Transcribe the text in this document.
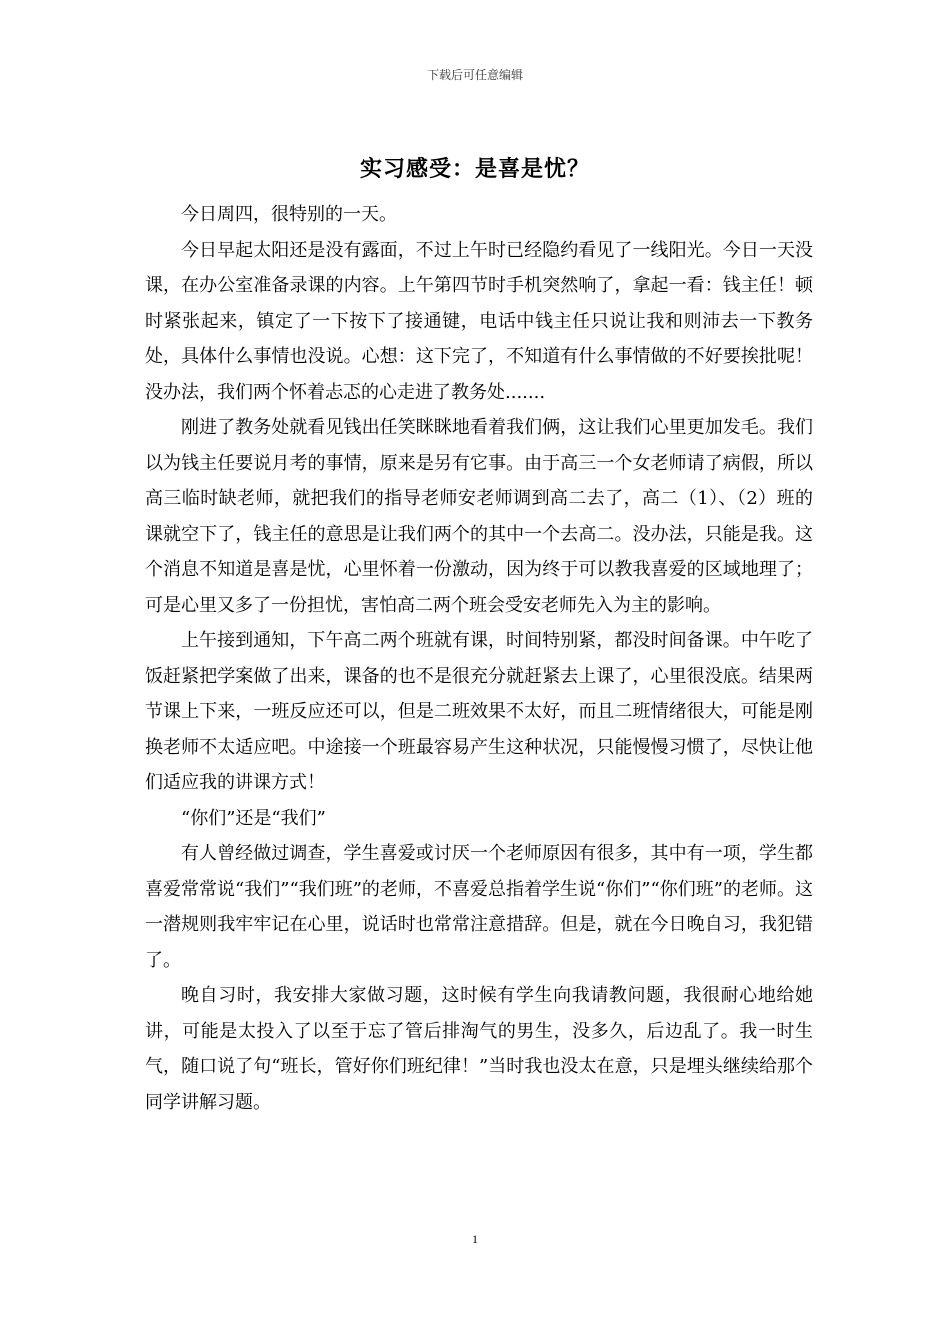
下载后可任意编辑
实习感受：是喜是忧？

今日周四，很特别的一天。

今日早起太阳还是没有露面，不过上午时已经隐约看见了一线阳光。今日一天没课，在办公室准备录课的内容。上午第四节时手机突然响了，拿起一看：钱主任！顿时紧张起来，镇定了一下按下了接通键，电话中钱主任只说让我和则沛去一下教务处，具体什么事情也没说。心想：这下完了，不知道有什么事情做的不好要挨批呢！没办法，我们两个怀着忐忑的心走进了教务处.......

刚进了教务处就看见钱出任笑眯眯地看着我们俩，这让我们心里更加发毛。我们以为钱主任要说月考的事情，原来是另有它事。由于高三一个女老师请了病假，所以高三临时缺老师，就把我们的指导老师安老师调到高二去了，高二（1）、（2）班的课就空下了，钱主任的意思是让我们两个的其中一个去高二。没办法，只能是我。这个消息不知道是喜是忧，心里怀着一份激动，因为终于可以教我喜爱的区域地理了；可是心里又多了一份担忧，害怕高二两个班会受安老师先入为主的影响。

上午接到通知，下午高二两个班就有课，时间特别紧，都没时间备课。中午吃了饭赶紧把学案做了出来，课备的也不是很充分就赶紧去上课了，心里很没底。结果两节课上下来，一班反应还可以，但是二班效果不太好，而且二班情绪很大，可能是刚换老师不太适应吧。中途接一个班最容易产生这种状况，只能慢慢习惯了，尽快让他们适应我的讲课方式！

“你们”还是“我们”

有人曾经做过调查，学生喜爱或讨厌一个老师原因有很多，其中有一项，学生都喜爱常常说“我们”“我们班”的老师，不喜爱总指着学生说“你们”“你们班”的老师。这一潜规则我牢牢记在心里，说话时也常常注意措辞。但是，就在今日晚自习，我犯错了。

晚自习时，我安排大家做习题，这时候有学生向我请教问题，我很耐心地给她讲，可能是太投入了以至于忘了管后排淘气的男生，没多久，后边乱了。我一时生气，随口说了句“班长，管好你们班纪律！”当时我也没太在意，只是埋头继续给那个同学讲解习题。

1
